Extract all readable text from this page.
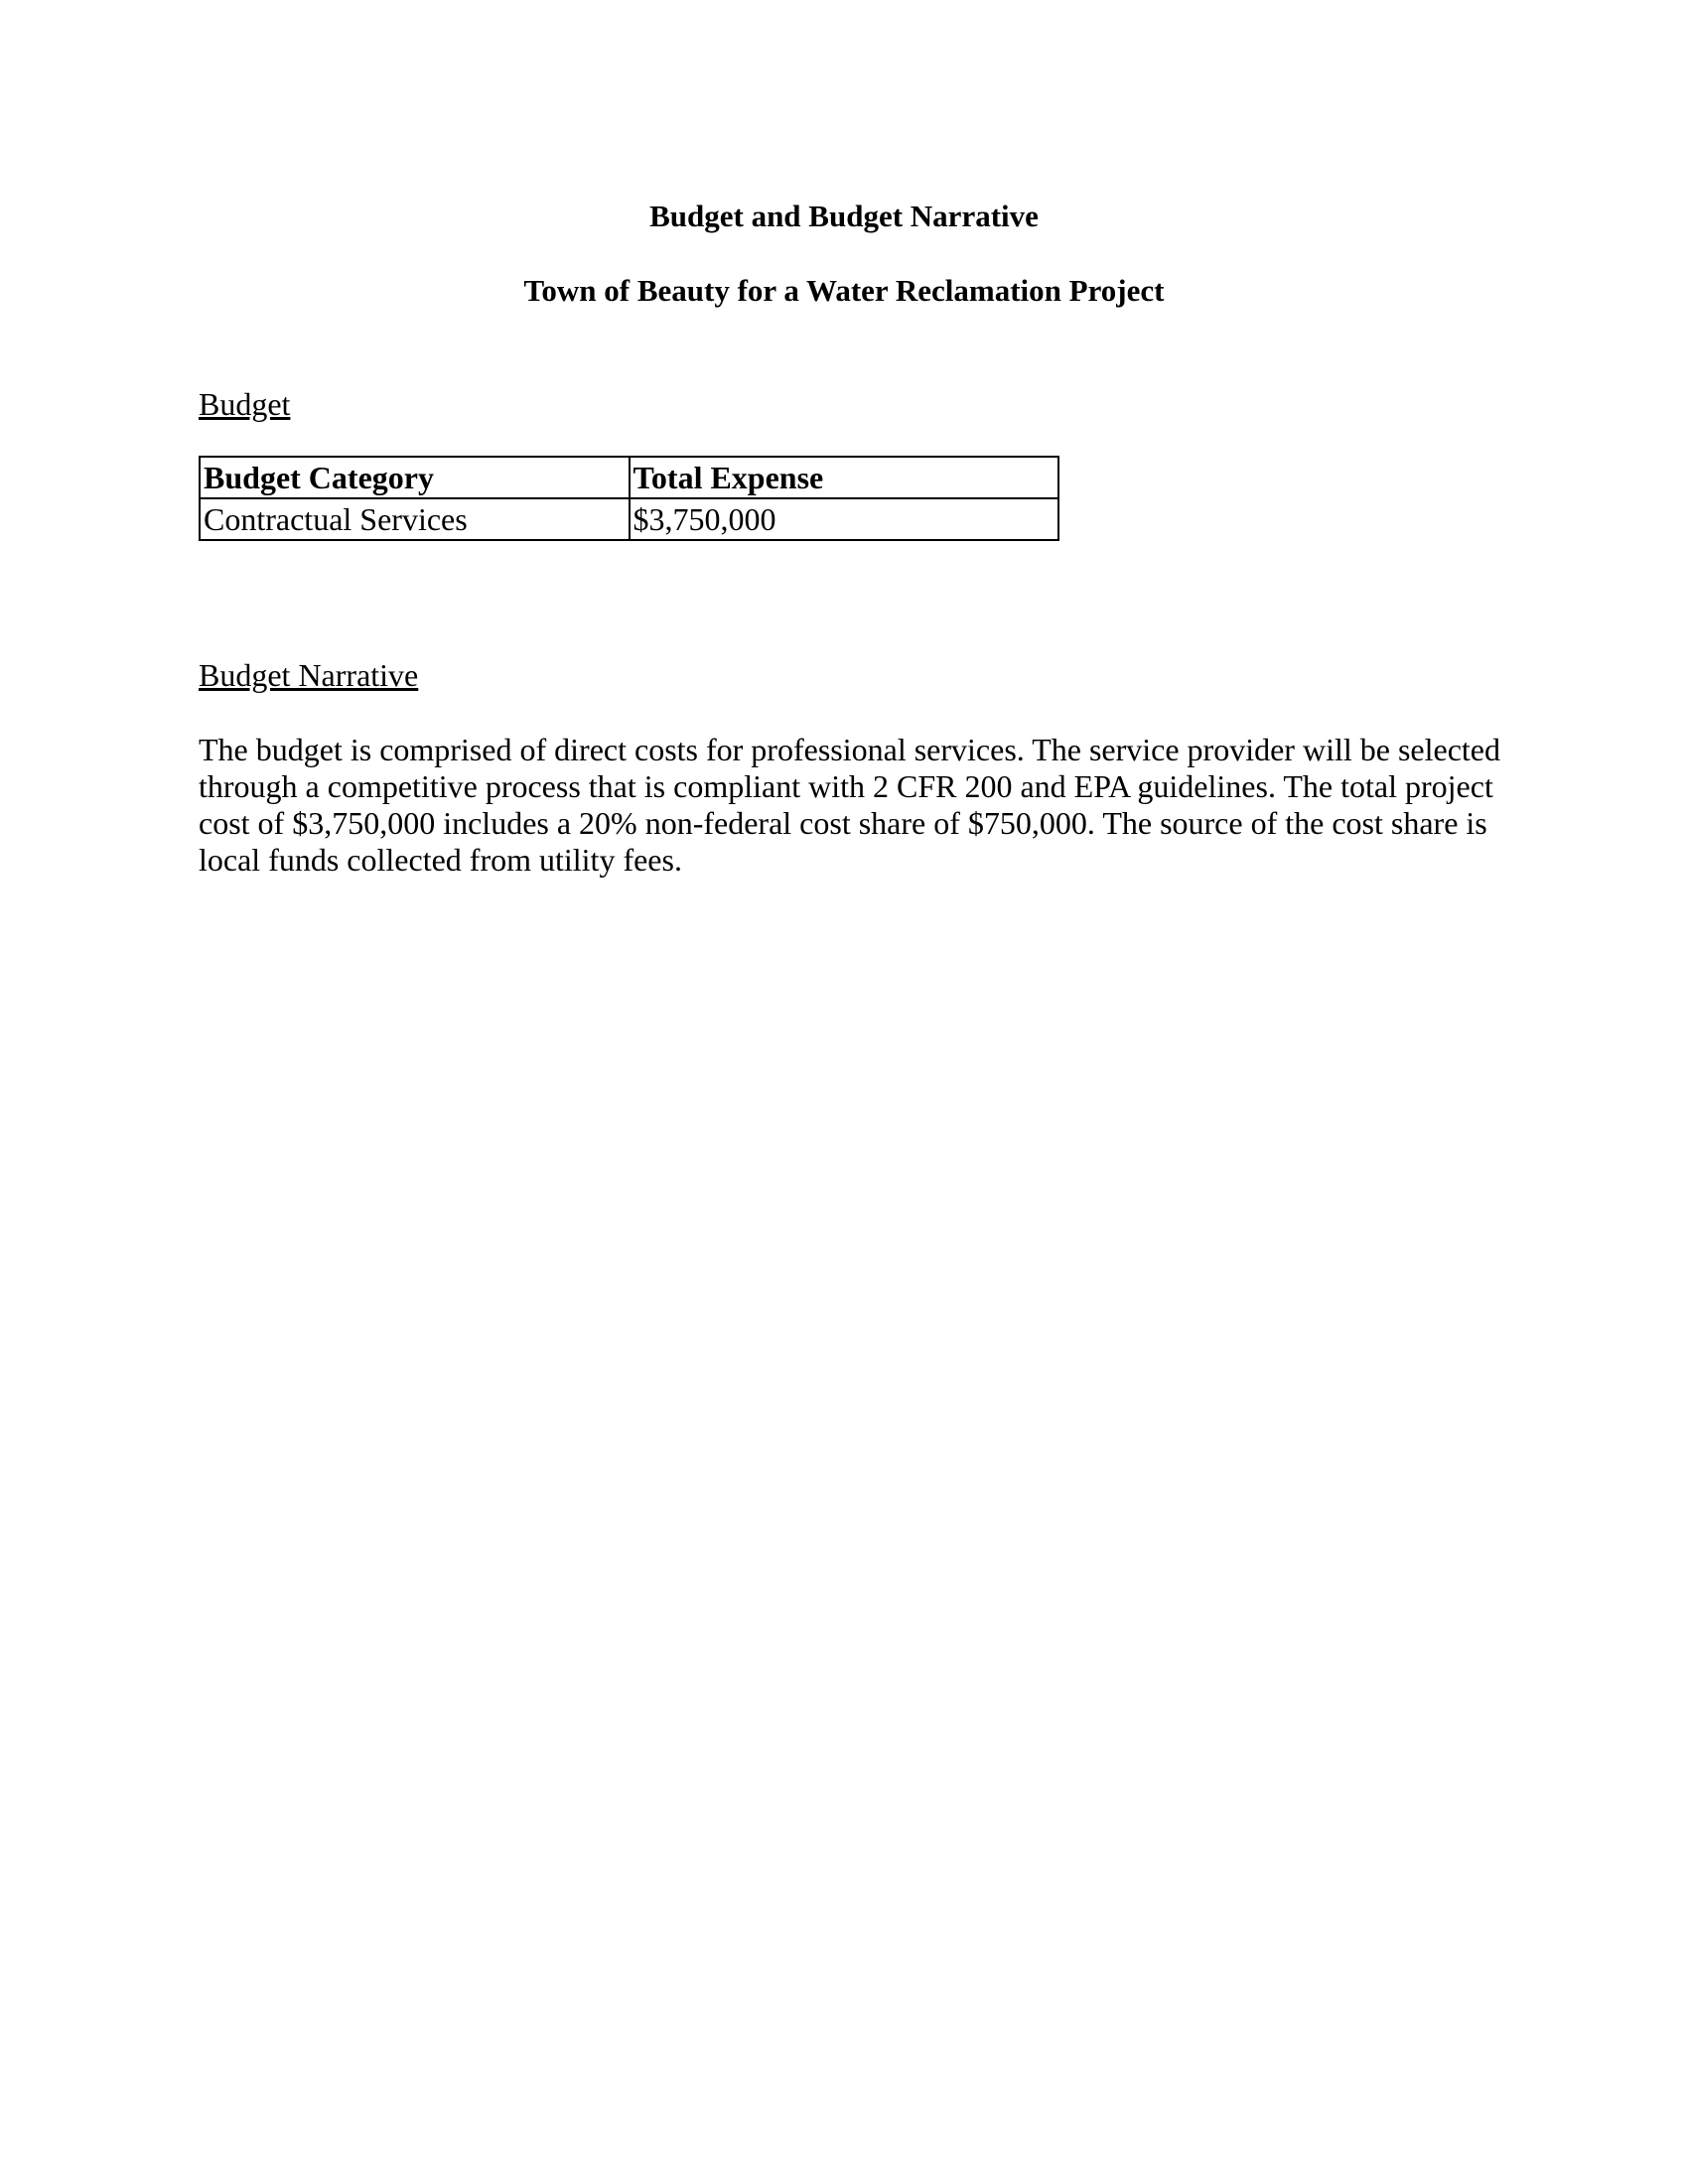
Budget and Budget Narrative
Town of Beauty for a Water Reclamation Project

Budget

Budget Category	Total Expense
Contractual Services	$3,750,000

Budget Narrative

The budget is comprised of direct costs for professional services. The service provider will be selected through a competitive process that is compliant with 2 CFR 200 and EPA guidelines. The total project cost of $3,750,000 includes a 20% non-federal cost share of $750,000. The source of the cost share is local funds collected from utility fees.
